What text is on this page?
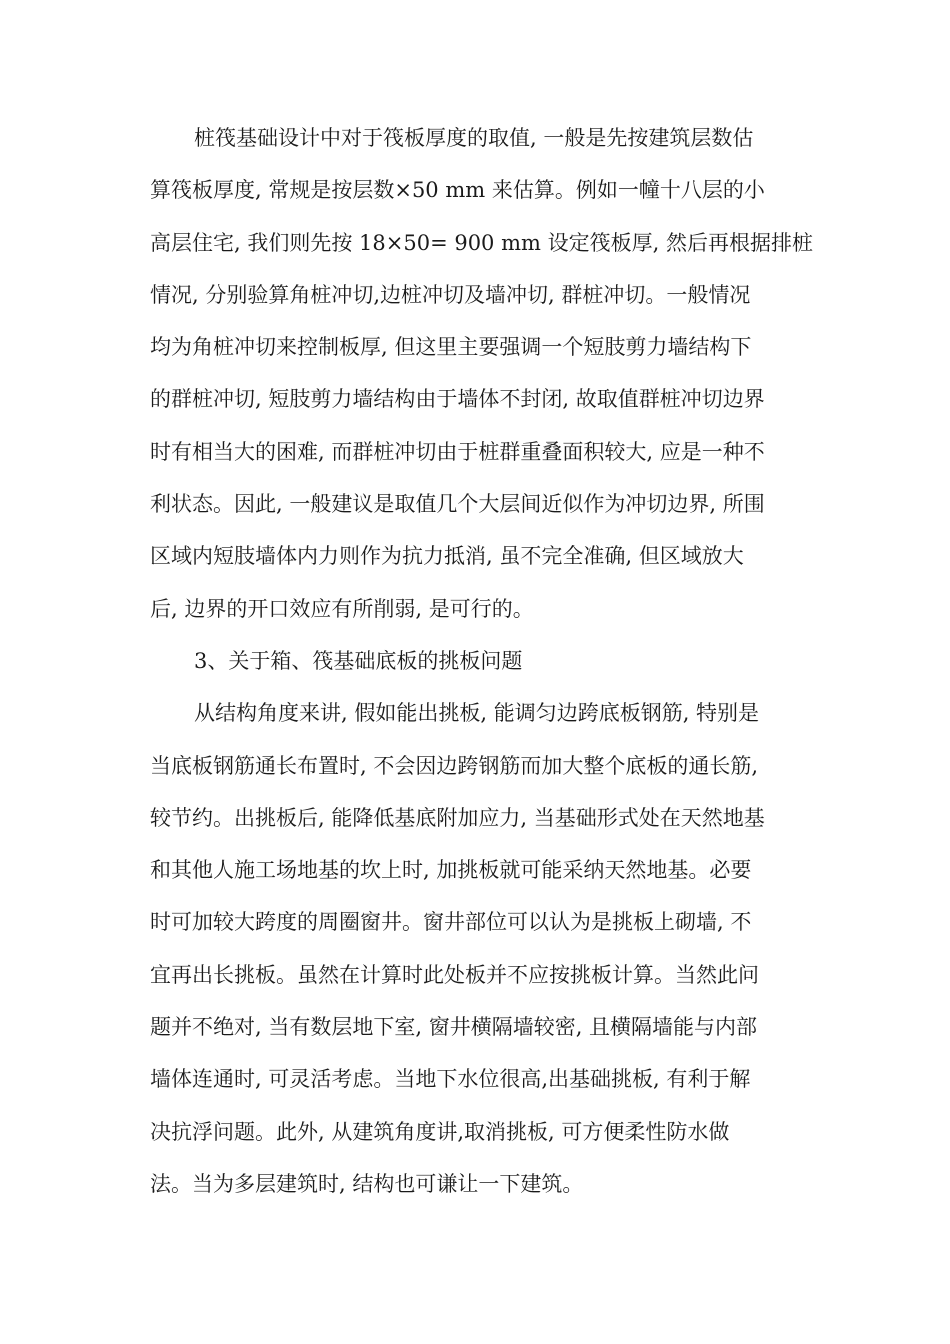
桩筏基础设计中对于筏板厚度的取值, 一般是先按建筑层数估
算筏板厚度, 常规是按层数×50 mm 来估算。例如一幢十八层的小
高层住宅, 我们则先按 18×50= 900 mm 设定筏板厚, 然后再根据排桩
情况, 分别验算角桩冲切,边桩冲切及墙冲切, 群桩冲切。一般情况
均为角桩冲切来控制板厚, 但这里主要强调一个短肢剪力墙结构下
的群桩冲切, 短肢剪力墙结构由于墙体不封闭, 故取值群桩冲切边界
时有相当大的困难, 而群桩冲切由于桩群重叠面积较大, 应是一种不
利状态。因此, 一般建议是取值几个大层间近似作为冲切边界, 所围
区域内短肢墙体内力则作为抗力抵消, 虽不完全准确, 但区域放大
后, 边界的开口效应有所削弱, 是可行的。
3、关于箱、筏基础底板的挑板问题
从结构角度来讲, 假如能出挑板, 能调匀边跨底板钢筋, 特别是
当底板钢筋通长布置时, 不会因边跨钢筋而加大整个底板的通长筋,
较节约。出挑板后, 能降低基底附加应力, 当基础形式处在天然地基
和其他人施工场地基的坎上时, 加挑板就可能采纳天然地基。必要
时可加较大跨度的周圈窗井。窗井部位可以认为是挑板上砌墙, 不
宜再出长挑板。虽然在计算时此处板并不应按挑板计算。当然此问
题并不绝对, 当有数层地下室, 窗井横隔墙较密, 且横隔墙能与内部
墙体连通时, 可灵活考虑。当地下水位很高,出基础挑板, 有利于解
决抗浮问题。此外, 从建筑角度讲,取消挑板, 可方便柔性防水做
法。当为多层建筑时, 结构也可谦让一下建筑。
